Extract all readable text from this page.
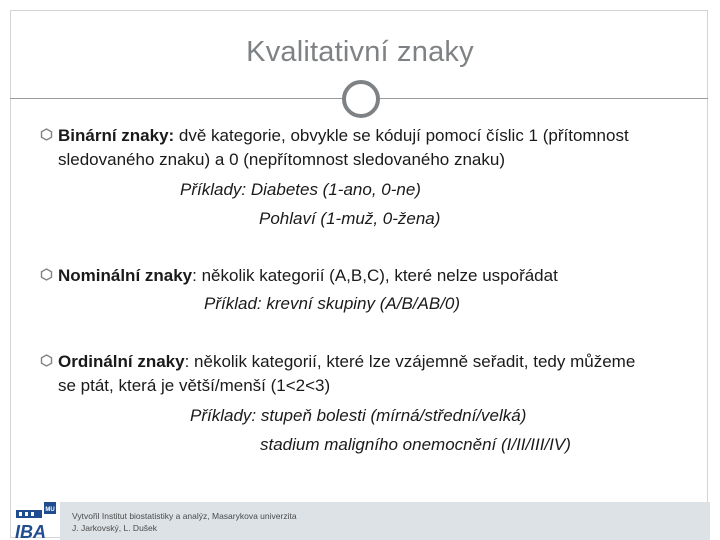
Kvalitativní znaky
Binární znaky: dvě kategorie, obvykle se kódují pomocí číslic 1 (přítomnost
sledovaného znaku) a 0 (nepřítomnost sledovaného znaku)
Příklady: Diabetes (1-ano, 0-ne)
Pohlaví (1-muž, 0-žena)
Nominální znaky: několik kategorií (A,B,C), které nelze uspořádat
Příklad: krevní skupiny (A/B/AB/0)
Ordinální znaky: několik kategorií, které lze vzájemně seřadit, tedy můžeme
se ptát, která je větší/menší (1<2<3)
Příklady: stupeň bolesti (mírná/střední/velká)
stadium maligního onemocnění (I/II/III/IV)
MU
IBA
Vytvořil Institut biostatistiky a analýz, Masarykova univerzita
J. Jarkovský, L. Dušek
